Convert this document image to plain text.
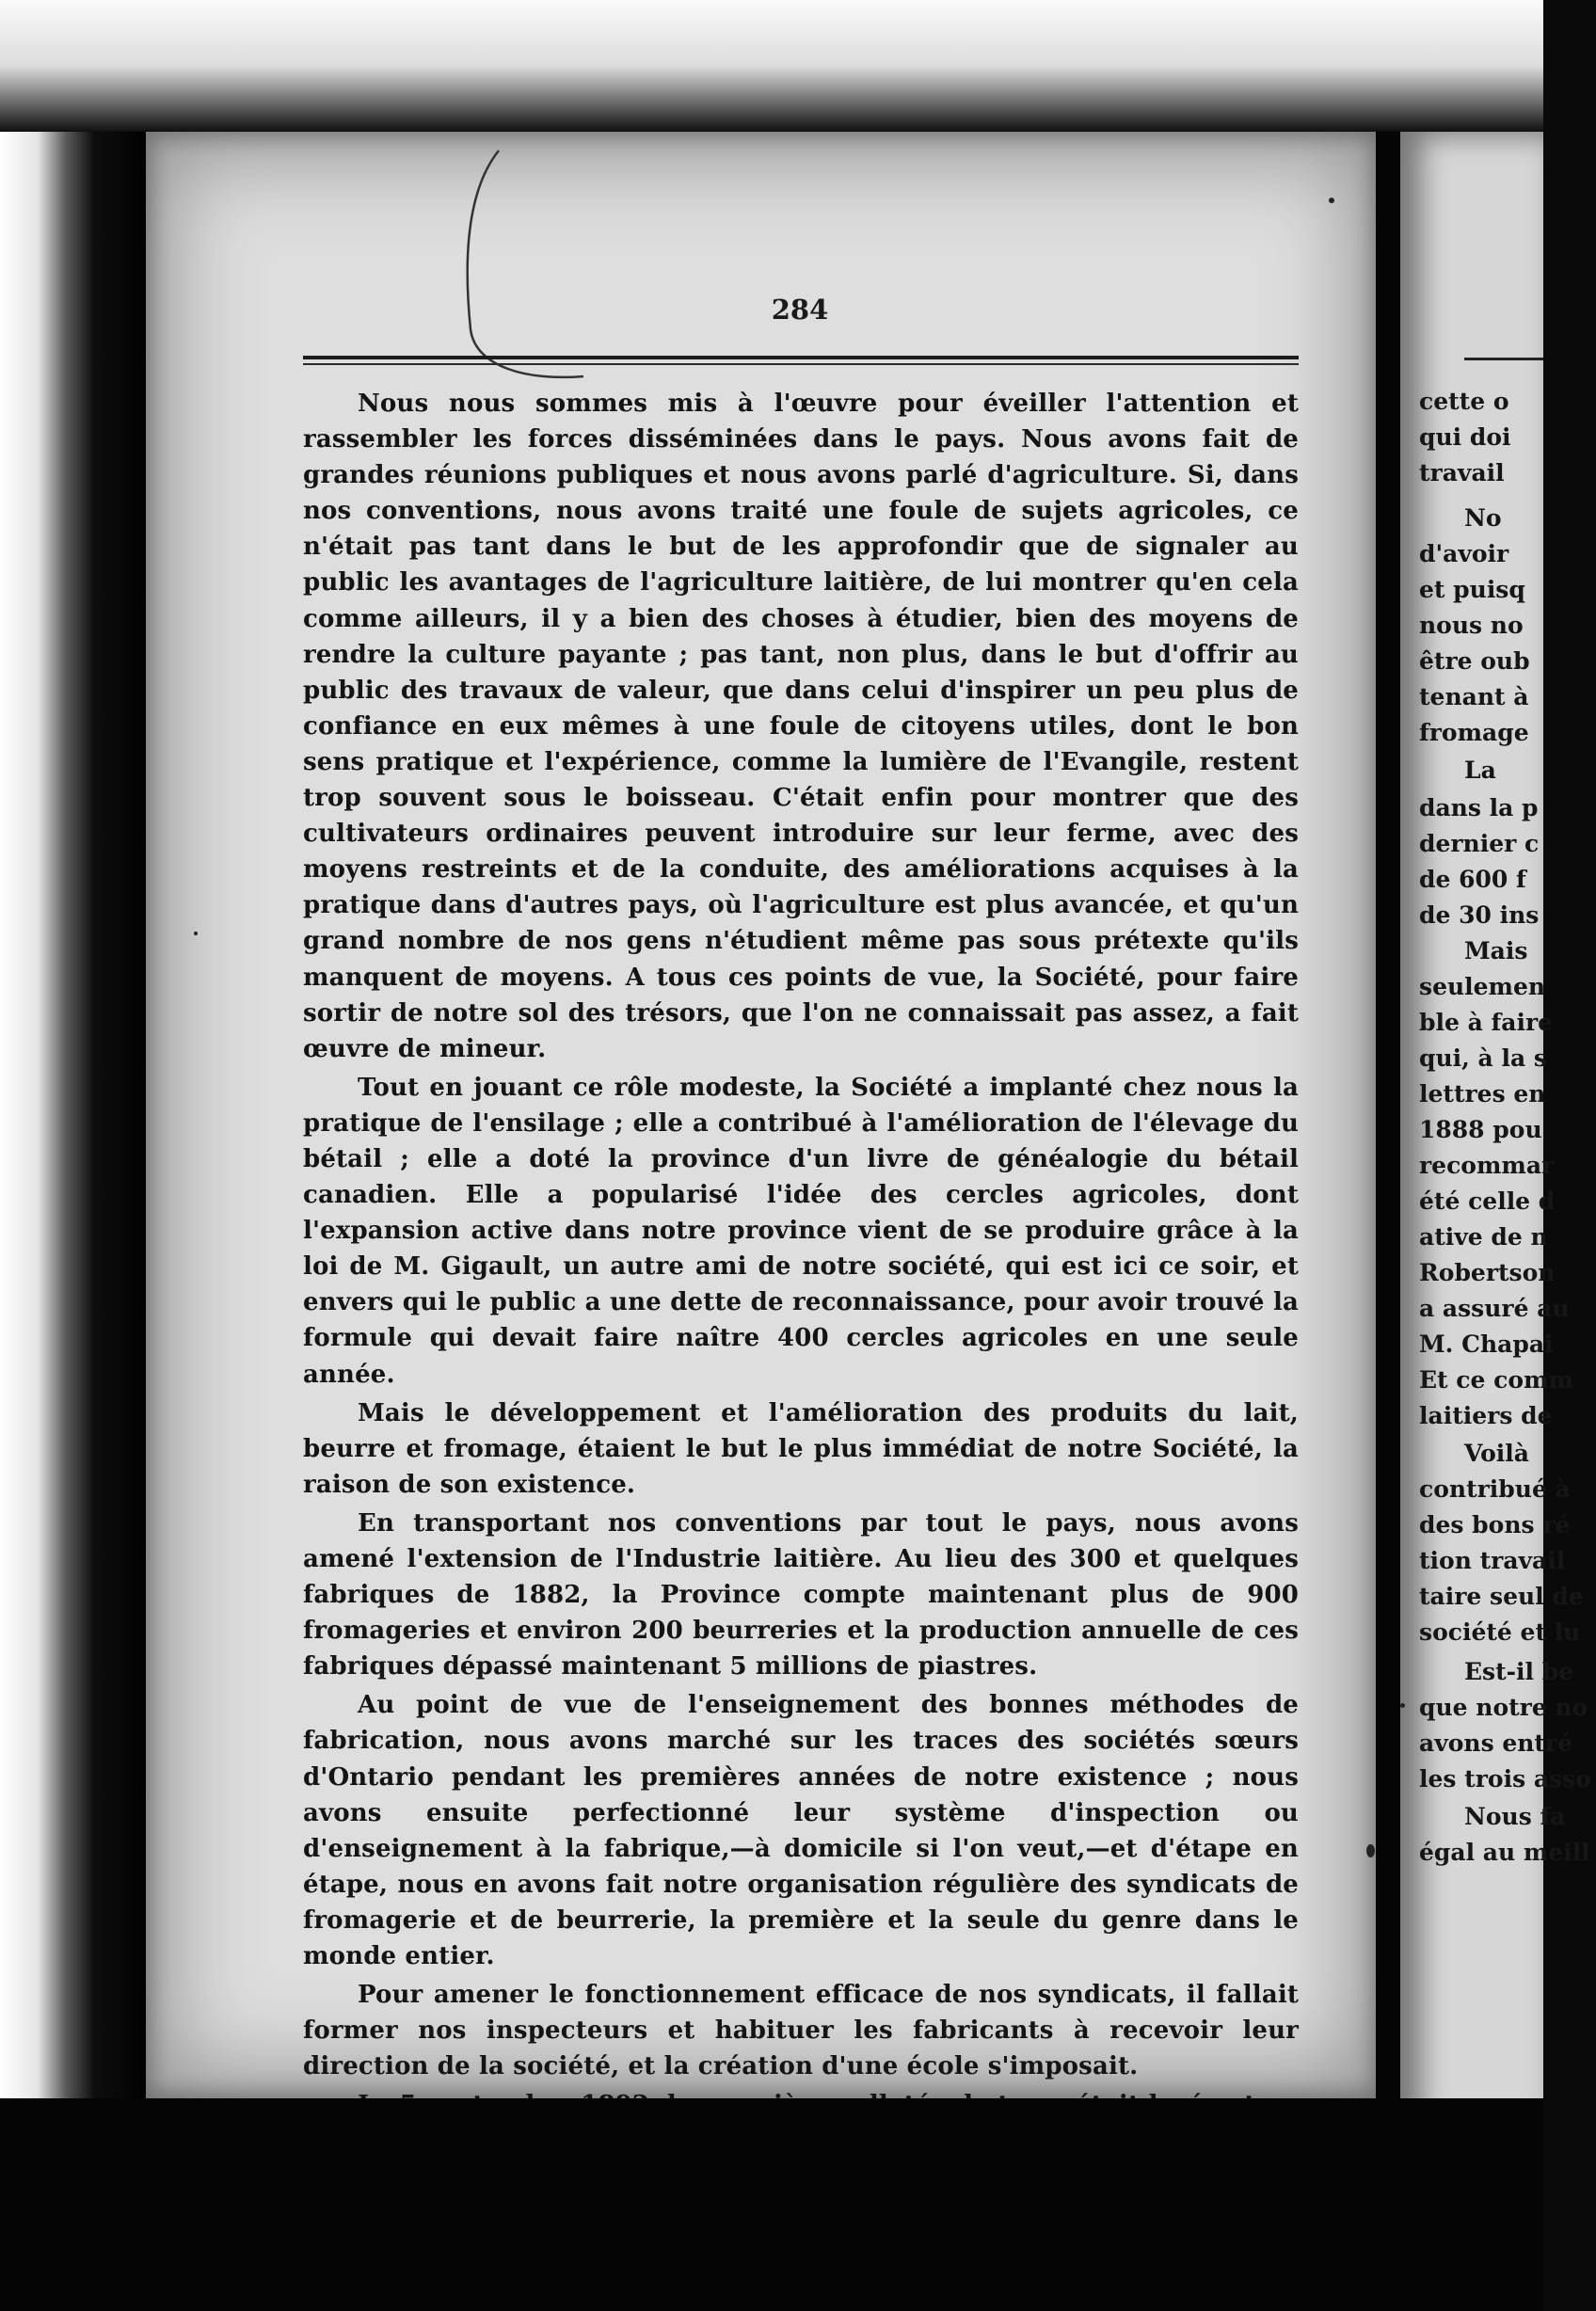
284

Nous nous sommes mis à l'œuvre pour éveiller l'attention et rassembler les forces disséminées dans le pays. Nous avons fait de grandes réunions publiques et nous avons parlé d'agriculture. Si, dans nos conventions, nous avons traité une foule de sujets agricoles, ce n'était pas tant dans le but de les approfondir que de signaler au public les avantages de l'agriculture laitière, de lui montrer qu'en cela comme ailleurs, il y a bien des choses à étudier, bien des moyens de rendre la culture payante ; pas tant, non plus, dans le but d'offrir au public des travaux de valeur, que dans celui d'inspirer un peu plus de confiance en eux mêmes à une foule de citoyens utiles, dont le bon sens pratique et l'expérience, comme la lumière de l'Evangile, restent trop souvent sous le boisseau. C'était enfin pour montrer que des cultivateurs ordinaires peuvent introduire sur leur ferme, avec des moyens restreints et de la conduite, des améliorations acquises à la pratique dans d'autres pays, où l'agriculture est plus avancée, et qu'un grand nombre de nos gens n'étudient même pas sous prétexte qu'ils manquent de moyens. A tous ces points de vue, la Société, pour faire sortir de notre sol des trésors, que l'on ne connaissait pas assez, a fait œuvre de mineur.

Tout en jouant ce rôle modeste, la Société a implanté chez nous la pratique de l'ensilage ; elle a contribué à l'amélioration de l'élevage du bétail ; elle a doté la province d'un livre de généalogie du bétail canadien. Elle a popularisé l'idée des cercles agricoles, dont l'expansion active dans notre province vient de se produire grâce à la loi de M. Gigault, un autre ami de notre société, qui est ici ce soir, et envers qui le public a une dette de reconnaissance, pour avoir trouvé la formule qui devait faire naître 400 cercles agricoles en une seule année.

Mais le développement et l'amélioration des produits du lait, beurre et fromage, étaient le but le plus immédiat de notre Société, la raison de son existence.

En transportant nos conventions par tout le pays, nous avons amené l'extension de l'Industrie laitière. Au lieu des 300 et quelques fabriques de 1882, la Province compte maintenant plus de 900 fromageries et environ 200 beurreries et la production annuelle de ces fabriques dépassé maintenant 5 millions de piastres.

Au point de vue de l'enseignement des bonnes méthodes de fabrication, nous avons marché sur les traces des sociétés sœurs d'Ontario pendant les premières années de notre existence ; nous avons ensuite perfectionné leur système d'inspection ou d'enseignement à la fabrique,—à domicile si l'on veut,—et d'étape en étape, nous en avons fait notre organisation régulière des syndicats de fromagerie et de beurrerie, la première et la seule du genre dans le monde entier.

Pour amener le fonctionnement efficace de nos syndicats, il fallait former nos inspecteurs et habituer les fabricants à recevoir leur direction de la société, et la création d'une école s'imposait.

cette o
qui doi
travail
No
d'avoir
et puisq
nous no
être oub
tenant à
fromage
La
dans la p
dernier c
de 600 f
de 30 ins
Mais
seulemen
ble à faire
qui, à la s
lettres en
1888 pou
recommar
été celle d
ative de n
Robertson
a assuré au
M. Chapai
Et ce comm
laitiers de
Voilà
contribué à
des bons ré
tion travail
taire seul de
société et lu
Est-il be
que notre no
avons entré
les trois asso
Nous fa
égal au meill
